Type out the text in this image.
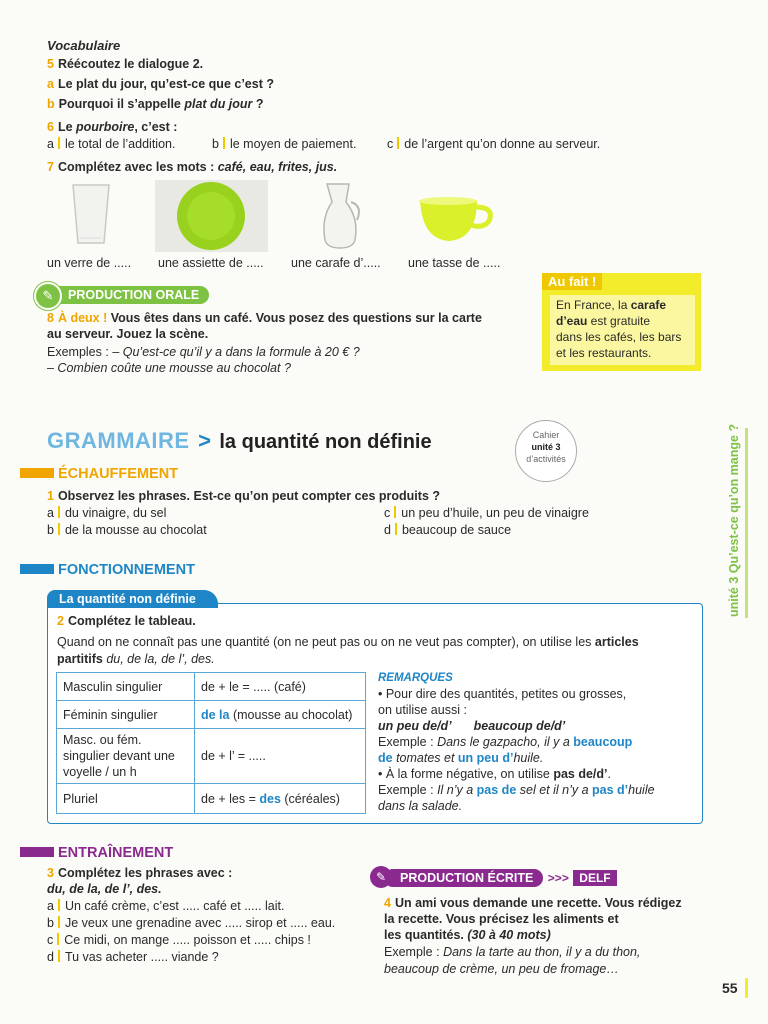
Vocabulaire
5 Réécoutez le dialogue 2.
a Le plat du jour, qu’est-ce que c’est ?
b Pourquoi il s’appelle plat du jour ?
6 Le pourboire, c’est :
a le total de l’addition.	b le moyen de paiement. c de l’argent qu’on donne au serveur.
7 Complétez avec les mots : café, eau, frites, jus.
un verre de ..... une assiette de ..... une carafe d’..... une tasse de .....
✎	PRODUCTION ORALE
8 À deux ! Vous êtes dans un café. Vous posez des questions sur la carte
au serveur. Jouez la scène.
Exemples : – Qu’est-ce qu’il y a dans la formule à 20 € ?
– Combien coûte une mousse au chocolat ?
Au fait !
En France, la carafe
d’eau est gratuite
dans les cafés, les bars
et les restaurants.
GRAMMAIRE > la quantité non définie	Cahier
unité 3
d’activités	unité 3 Qu’est-ce qu’on mange ?
ÉCHAUFFEMENT
1 Observez les phrases. Est-ce qu’on peut compter ces produits ?
a du vinaigre, du sel
b de la mousse au chocolat
c un peu d’huile, un peu de vinaigre
d beaucoup de sauce
FONCTIONNEMENT
La quantité non définie
2 Complétez le tableau.
Quand on ne connaît pas une quantité (on ne peut pas ou on ne veut pas compter), on utilise les articles
partitifs du, de la, de l’, des.
Masculin singulier	de + le = ..... (café)
Féminin singulier	de la (mousse au chocolat)
Masc. ou fém. singulier devant une voyelle / un h	de + l’ = .....
Pluriel	de + les = des (céréales)
REMARQUES
• Pour dire des quantités, petites ou grosses,
on utilise aussi :
un peu de/d’ beaucoup de/d’
Exemple : Dans le gazpacho, il y a beaucoup
de tomates et un peu d’huile.
• À la forme négative, on utilise pas de/d’.
Exemple : Il n’y a pas de sel et il n’y a pas d’huile
dans la salade.
ENTRAÎNEMENT
3 Complétez les phrases avec :
du, de la, de l’, des.
a Un café crème, c’est ..... café et ..... lait.
b Je veux une grenadine avec ..... sirop et ..... eau.
c Ce midi, on mange ..... poisson et ..... chips !
d Tu vas acheter ..... viande ?
✎	PRODUCTION ÉCRITE >>> DELF
4 Un ami vous demande une recette. Vous rédigez
la recette. Vous précisez les aliments et
les quantités. (30 à 40 mots)
Exemple : Dans la tarte au thon, il y a du thon,
beaucoup de crème, un peu de fromage…
55
